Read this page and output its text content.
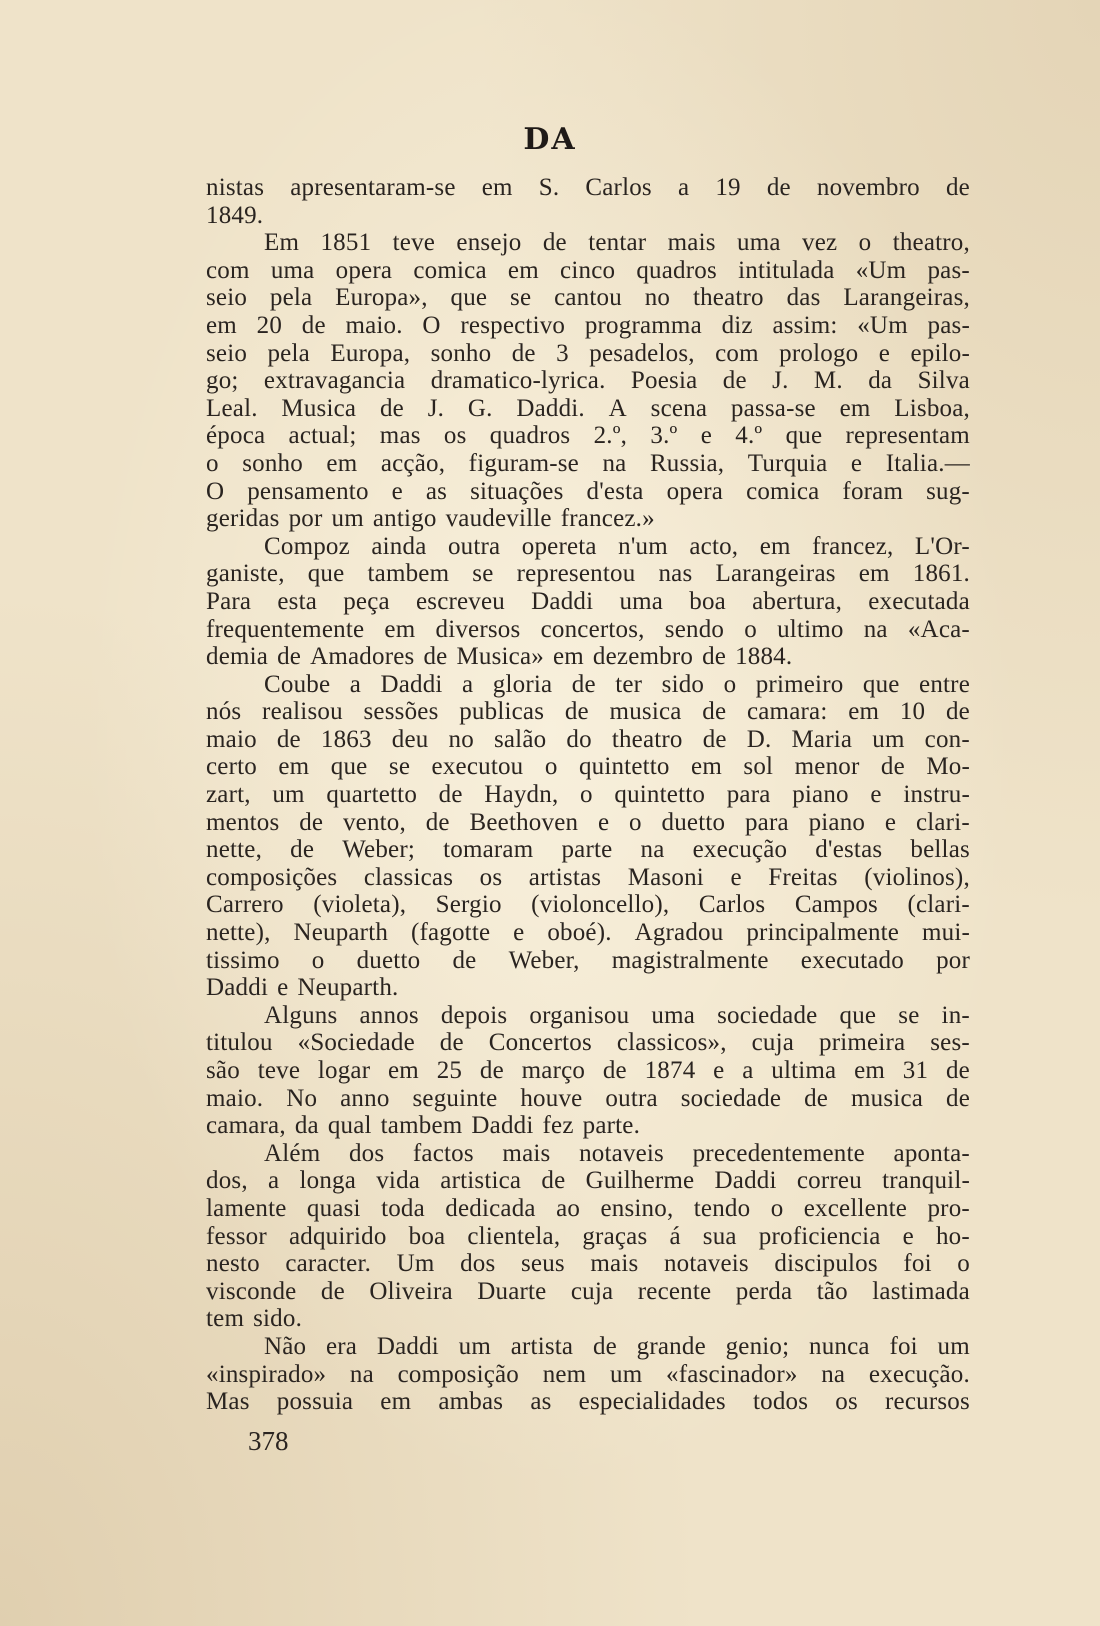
DA
nistas apresentaram-se em S. Carlos a 19 de novembro de
1849.
Em 1851 teve ensejo de tentar mais uma vez o theatro,
com uma opera comica em cinco quadros intitulada «Um pas-
seio pela Europa», que se cantou no theatro das Larangeiras,
em 20 de maio. O respectivo programma diz assim: «Um pas-
seio pela Europa, sonho de 3 pesadelos, com prologo e epilo-
go; extravagancia dramatico-lyrica. Poesia de J. M. da Silva
Leal. Musica de J. G. Daddi. A scena passa-se em Lisboa,
época actual; mas os quadros 2.º, 3.º e 4.º que representam
o sonho em acção, figuram-se na Russia, Turquia e Italia.—
O pensamento e as situações d'esta opera comica foram sug-
geridas por um antigo vaudeville francez.»
Compoz ainda outra opereta n'um acto, em francez, L'Or-
ganiste, que tambem se representou nas Larangeiras em 1861.
Para esta peça escreveu Daddi uma boa abertura, executada
frequentemente em diversos concertos, sendo o ultimo na «Aca-
demia de Amadores de Musica» em dezembro de 1884.
Coube a Daddi a gloria de ter sido o primeiro que entre
nós realisou sessões publicas de musica de camara: em 10 de
maio de 1863 deu no salão do theatro de D. Maria um con-
certo em que se executou o quintetto em sol menor de Mo-
zart, um quartetto de Haydn, o quintetto para piano e instru-
mentos de vento, de Beethoven e o duetto para piano e clari-
nette, de Weber; tomaram parte na execução d'estas bellas
composições classicas os artistas Masoni e Freitas (violinos),
Carrero (violeta), Sergio (violoncello), Carlos Campos (clari-
nette), Neuparth (fagotte e oboé). Agradou principalmente mui-
tissimo o duetto de Weber, magistralmente executado por
Daddi e Neuparth.
Alguns annos depois organisou uma sociedade que se in-
titulou «Sociedade de Concertos classicos», cuja primeira ses-
são teve logar em 25 de março de 1874 e a ultima em 31 de
maio. No anno seguinte houve outra sociedade de musica de
camara, da qual tambem Daddi fez parte.
Além dos factos mais notaveis precedentemente aponta-
dos, a longa vida artistica de Guilherme Daddi correu tranquil-
lamente quasi toda dedicada ao ensino, tendo o excellente pro-
fessor adquirido boa clientela, graças á sua proficiencia e ho-
nesto caracter. Um dos seus mais notaveis discipulos foi o
visconde de Oliveira Duarte cuja recente perda tão lastimada
tem sido.
Não era Daddi um artista de grande genio; nunca foi um
«inspirado» na composição nem um «fascinador» na execução.
Mas possuia em ambas as especialidades todos os recursos
378
